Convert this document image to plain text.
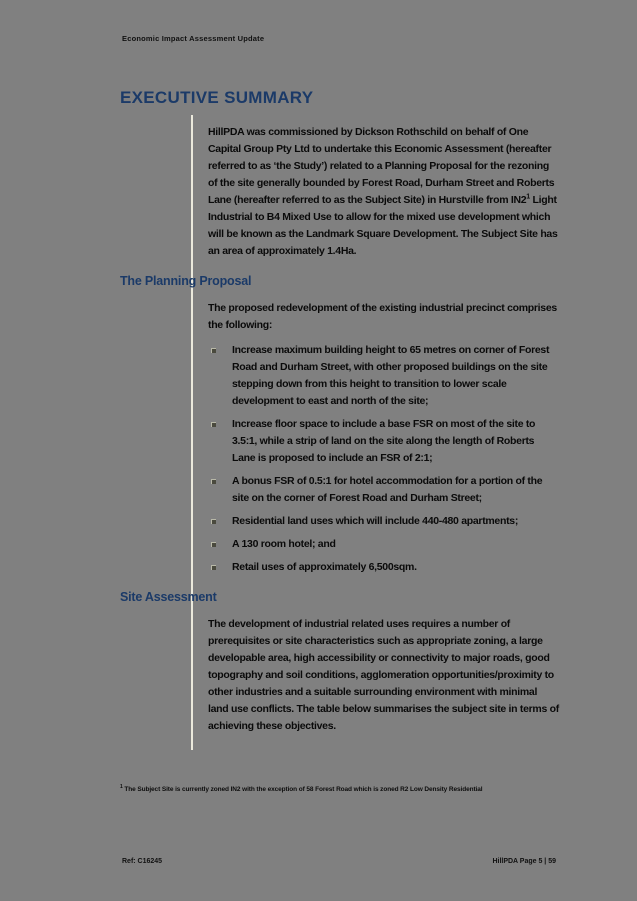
Economic Impact Assessment Update
EXECUTIVE SUMMARY

HillPDA was commissioned by Dickson Rothschild on behalf of One Capital Group Pty Ltd to undertake this Economic Assessment (hereafter referred to as ‘the Study’) related to a Planning Proposal for the rezoning of the site generally bounded by Forest Road, Durham Street and Roberts Lane (hereafter referred to as the Subject Site) in Hurstville from $IN2^1$ Light Industrial to B4 Mixed Use to allow for the mixed use development which will be known as the Landmark Square Development. The Subject Site has an area of approximately 1.4Ha.

The Planning Proposal

The proposed redevelopment of the existing industrial precinct comprises the following:

Increase maximum building height to 65 metres on corner of Forest Road and Durham Street, with other proposed buildings on the site stepping down from this height to transition to lower scale development to east and north of the site;
Increase floor space to include a base FSR on most of the site to 3.5:1, while a strip of land on the site along the length of Roberts Lane is proposed to include an FSR of 2:1;
A bonus FSR of 0.5:1 for hotel accommodation for a portion of the site on the corner of Forest Road and Durham Street;
Residential land uses which will include 440-480 apartments;
A 130 room hotel; and
Retail uses of approximately 6,500sqm.
Site Assessment

The development of industrial related uses requires a number of prerequisites or site characteristics such as appropriate zoning, a large developable area, high accessibility or connectivity to major roads, good topography and soil conditions, agglomeration opportunities/proximity to other industries and a suitable surrounding environment with minimal land use conflicts. The table below summarises the subject site in terms of achieving these objectives.

$^1$ The Subject Site is currently zoned IN2 with the exception of 58 Forest Road which is zoned R2 Low Density Residential
Ref: C16245	HillPDA Page 5 | 59
